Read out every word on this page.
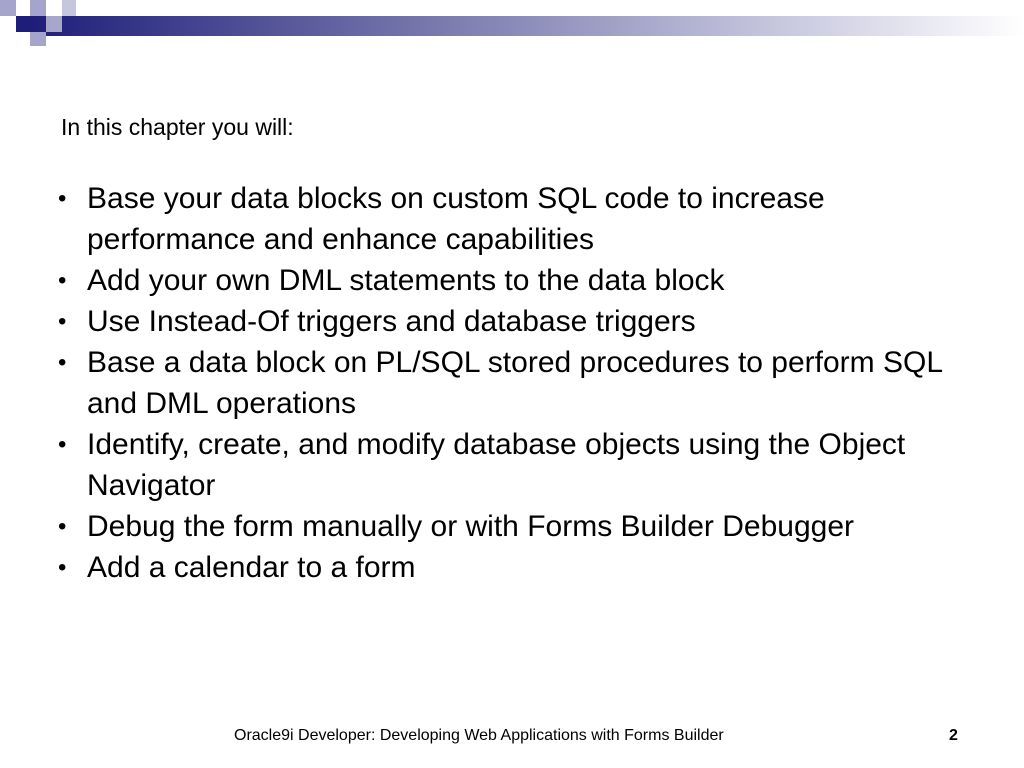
In this chapter you will:
• Base your data blocks on custom SQL code to increase performance and enhance capabilities
• Add your own DML statements to the data block
• Use Instead-Of triggers and database triggers
• Base a data block on PL/SQL stored procedures to perform SQL and DML operations
• Identify, create, and modify database objects using the Object Navigator
• Debug the form manually or with Forms Builder Debugger
• Add a calendar to a form
Oracle9i Developer: Developing Web Applications with Forms Builder	2
